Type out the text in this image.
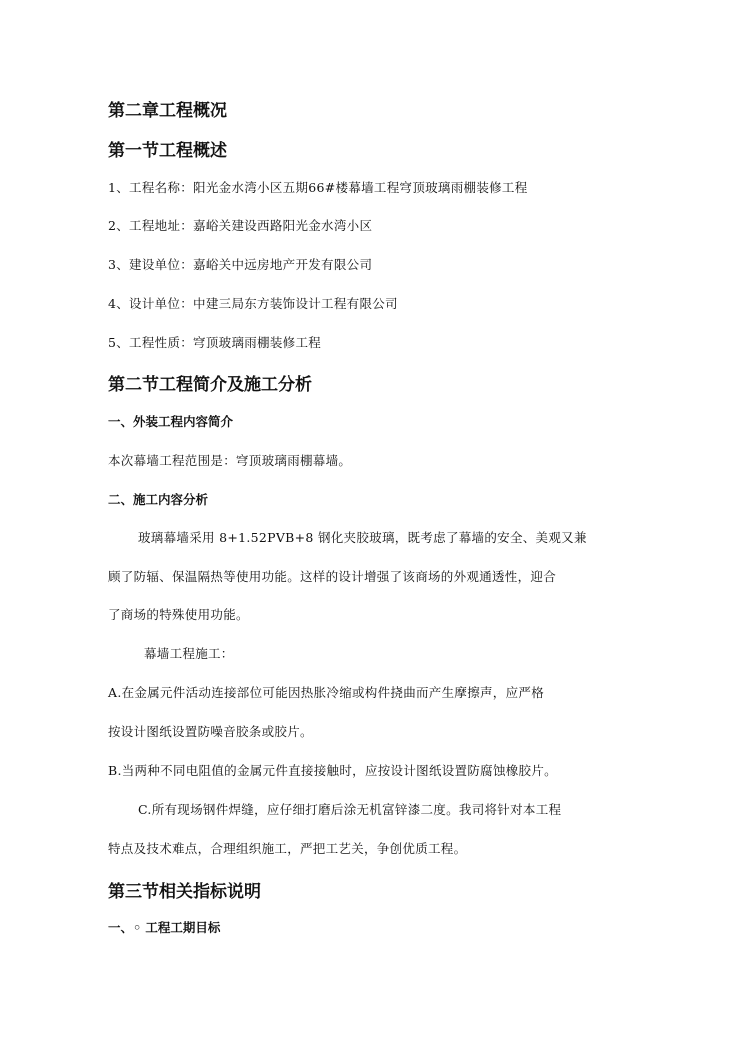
第二章工程概况
第一节工程概述
1、工程名称：阳光金水湾小区五期66#楼幕墙工程穹顶玻璃雨棚装修工程
2、工程地址：嘉峪关建设西路阳光金水湾小区
3、建设单位：嘉峪关中远房地产开发有限公司
4、设计单位：中建三局东方装饰设计工程有限公司
5、工程性质：穹顶玻璃雨棚装修工程
第二节工程简介及施工分析
一、外装工程内容简介
本次幕墙工程范围是：穹顶玻璃雨棚幕墙。
二、施工内容分析
玻璃幕墙采用 8+1.52PVB+8 钢化夹胶玻璃，既考虑了幕墙的安全、美观又兼
顾了防辐、保温隔热等使用功能。这样的设计增强了该商场的外观通透性，迎合
了商场的特殊使用功能。
幕墙工程施工：
A.在金属元件活动连接部位可能因热胀冷缩或构件挠曲而产生摩擦声，应严格
按设计图纸设置防噪音胶条或胶片。
B.当两种不同电阻值的金属元件直接接触时，应按设计图纸设置防腐蚀橡胶片。
C.所有现场钢件焊缝，应仔细打磨后涂无机富锌漆二度。我司将针对本工程
特点及技术难点，合理组织施工，严把工艺关，争创优质工程。
第三节相关指标说明
一、◦ 工程工期目标
